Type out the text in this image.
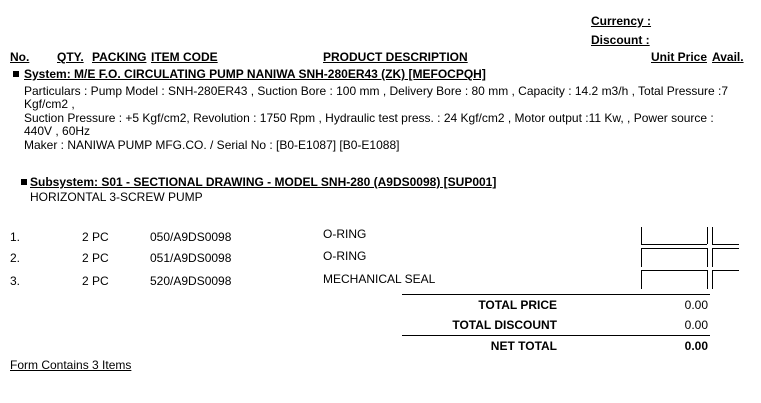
Currency :
Discount :
No. QTY. PACKING ITEM CODE	PRODUCT DESCRIPTION	Unit Price Avail.
System: M/E F.O. CIRCULATING PUMP NANIWA SNH-280ER43 (ZK) [MEFOCPQH]
Particulars : Pump Model : SNH-280ER43 , Suction Bore : 100 mm , Delivery Bore : 80 mm , Capacity : 14.2 m3/h , Total Pressure :7 Kgf/cm2 ,
Suction Pressure : +5 Kgf/cm2, Revolution : 1750 Rpm , Hydraulic test press. : 24 Kgf/cm2 , Motor output :11 Kw, , Power source : 440V , 60Hz
Maker : NANIWA PUMP MFG.CO. / Serial No : [B0-E1087] [B0-E1088]
Subsystem: S01 - SECTIONAL DRAWING - MODEL SNH-280 (A9DS0098) [SUP001]
HORIZONTAL 3-SCREW PUMP
1.	2 PC	050/A9DS0098	O-RING
2.	2 PC	051/A9DS0098	O-RING
3.	2 PC	520/A9DS0098	MECHANICAL SEAL
TOTAL PRICE	0.00
TOTAL DISCOUNT	0.00
NET TOTAL	0.00
Form Contains 3 Items
